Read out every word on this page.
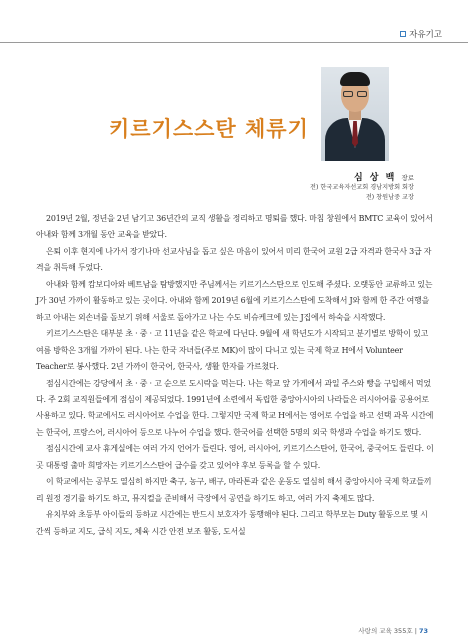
자유기고
키르기스스탄 체류기
심 상 백 장로
전) 한국교육자선교회 경남지방회 회장
전) 창원남중 교장

2019년 2월, 정년을 2년 남기고 36년간의 교직 생활을 정리하고 명퇴를 했다. 마침 창원에서 BMTC 교육이 있어서 아내와 함께 3개월 동안 교육을 받았다.

은퇴 이후 현지에 나가서 장기나마 선교사님을 돕고 싶은 마음이 있어서 미리 한국어 교원 2급 자격과 한국사 3급 자격을 취득해 두었다.

아내와 함께 캄보디아와 베트남을 탐방했지만 주님께서는 키르기스스탄으로 인도해 주셨다. 오랫동안 교류하고 있는 J가 30년 가까이 활동하고 있는 곳이다. 아내와 함께 2019년 6월에 키르기스스탄에 도착해서 J와 함께 한 주간 여행을 하고 아내는 외손녀를 돌보기 위해 서울로 돌아가고 나는 수도 비슈케크에 있는 J집에서 하숙을 시작했다.

키르기스스탄은 대부분 초 · 중 · 고 11년을 같은 학교에 다닌다. 9월에 새 학년도가 시작되고 분기별로 방학이 있고 여름 방학은 3개월 가까이 된다. 나는 한국 자녀들(주로 MK)이 많이 다니고 있는 국제 학교 H에서 Volunteer Teacher로 봉사했다. 2년 가까이 한국어, 한국사, 생활 한자를 가르쳤다.

점심시간에는 강당에서 초 · 중 · 고 순으로 도시락을 먹는다. 나는 학교 앞 가게에서 과일 주스와 빵을 구입해서 먹었다. 주 2회 교직원들에게 점심이 제공되었다. 1991년에 소련에서 독립한 중앙아시아의 나라들은 러시아어를 공용어로 사용하고 있다. 학교에서도 러시아어로 수업을 한다. 그렇지만 국제 학교 H에서는 영어로 수업을 하고 선택 과목 시간에는 한국어, 프랑스어, 러시아어 등으로 나누어 수업을 했다. 한국어를 선택한 5명의 외국 학생과 수업을 하기도 했다.

점심시간에 교사 휴게실에는 여러 가지 언어가 들린다. 영어, 러시아어, 키르기스스탄어, 한국어, 중국어도 들린다. 이곳 대통령 출마 희망자는 키르기스스탄어 급수를 갖고 있어야 후보 등록을 할 수 있다.

이 학교에서는 공부도 열심히 하지만 축구, 농구, 배구, 마라톤과 같은 운동도 열심히 해서 중앙아시아 국제 학교들끼리 원정 경기를 하기도 하고, 뮤지컬을 준비해서 극장에서 공연을 하기도 하고, 여러 가지 축제도 많다.

유치부와 초등부 아이들의 등하교 시간에는 반드시 보호자가 동행해야 된다. 그리고 학부모는 Duty 활동으로 몇 시간씩 등하교 지도, 급식 지도, 체육 시간 안전 보조 활동, 도서실

사랑의 교육 355호 | 73
